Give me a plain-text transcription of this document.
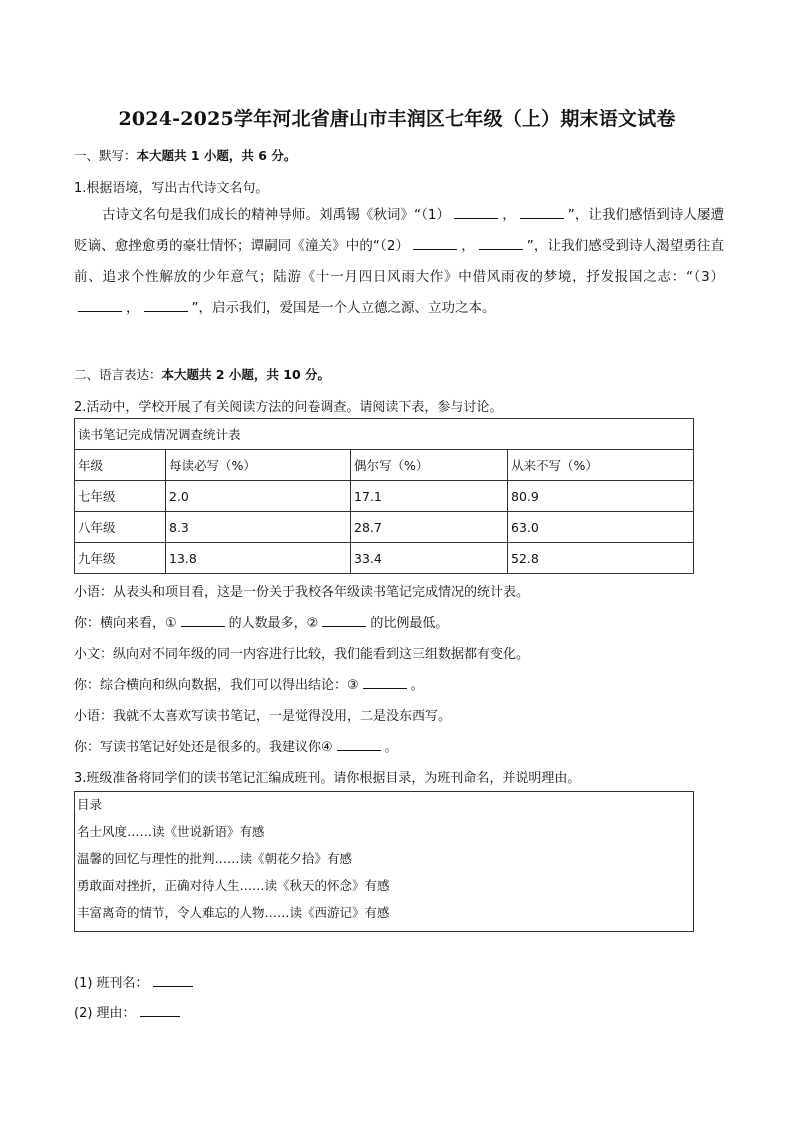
2024-2025学年河北省唐山市丰润区七年级（上）期末语文试卷
一、默写：本大题共 1 小题，共 6 分。
1.根据语境，写出古代诗文名句。
古诗文名句是我们成长的精神导师。刘禹锡《秋词》“（1）	，	”，让我们感悟到诗人屡遭贬谪、愈挫愈勇的豪壮情怀；谭嗣同《潼关》中的“（2）	，	”，让我们感受到诗人渴望勇往直前、追求个性解放的少年意气；陆游《十一月四日风雨大作》中借风雨夜的梦境，抒发报国之志：“（3），	”，启示我们，爱国是一个人立德之源、立功之本。
二、语言表达：本大题共 2 小题，共 10 分。
2.活动中，学校开展了有关阅读方法的问卷调查。请阅读下表，参与讨论。
读书笔记完成情况调查统计表			
年级	每读必写（%）	偶尔写（%）	从来不写（%）
七年级	2.0	17.1	80.9
八年级	8.3	28.7	63.0
九年级	13.8	33.4	52.8
小语：从表头和项目看，这是一份关于我校各年级读书笔记完成情况的统计表。
你：横向来看，①	的人数最多，②	的比例最低。
小文：纵向对不同年级的同一内容进行比较，我们能看到这三组数据都有变化。
你：综合横向和纵向数据，我们可以得出结论：③	。
小语：我就不太喜欢写读书笔记，一是觉得没用，二是没东西写。
你：写读书笔记好处还是很多的。我建议你④	。
3.班级准备将同学们的读书笔记汇编成班刊。请你根据目录，为班刊命名，并说明理由。
目录
名士风度……读《世说新语》有感
温馨的回忆与理性的批判……读《朝花夕拾》有感
勇敢面对挫折，正确对待人生……读《秋天的怀念》有感
丰富离奇的情节，令人难忘的人物……读《西游记》有感
(1) 班刊名：
(2) 理由：
